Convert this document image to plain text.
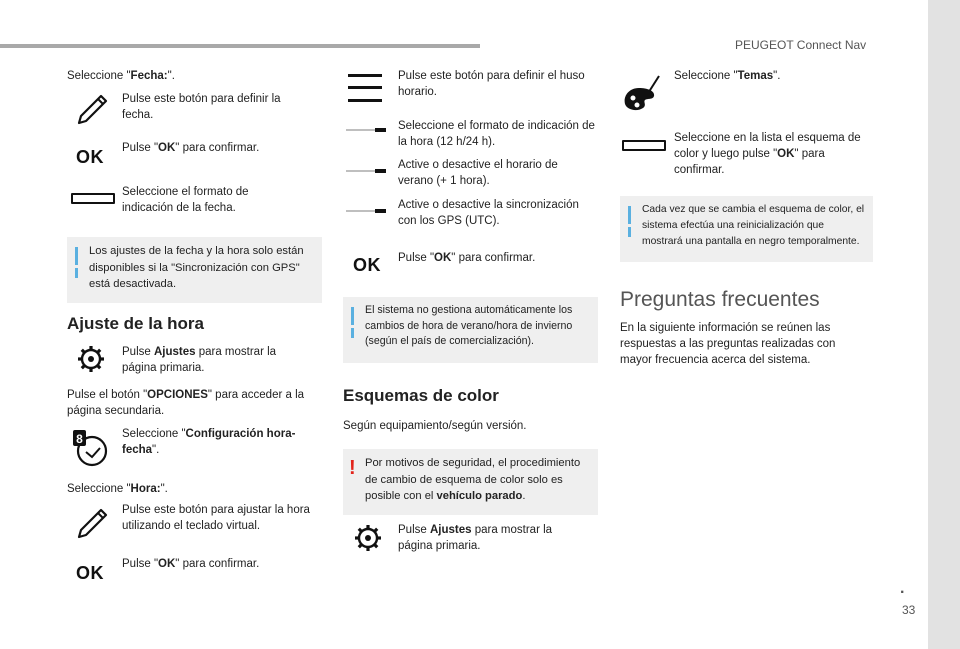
PEUGEOT Connect Nav
Seleccione "Fecha:".
Pulse este botón para definir la fecha.
OK Pulse "OK" para confirmar.
Seleccione el formato de indicación de la fecha.
Los ajustes de la fecha y la hora solo están disponibles si la "Sincronización con GPS" está desactivada.
Ajuste de la hora
Pulse Ajustes para mostrar la página primaria.
Pulse el botón "OPCIONES" para acceder a la página secundaria.
8	Seleccione "Configuración hora-fecha".
Seleccione "Hora:".
Pulse este botón para ajustar la hora utilizando el teclado virtual.
OK Pulse "OK" para confirmar.
Pulse este botón para definir el huso horario.
Seleccione el formato de indicación de la hora (12 h/24 h).
Active o desactive el horario de verano (+ 1 hora).
Active o desactive la sincronización con los GPS (UTC).
OK Pulse "OK" para confirmar.
El sistema no gestiona automáticamente los cambios de hora de verano/hora de invierno (según el país de comercialización).
Esquemas de color
Según equipamiento/según versión.
! Por motivos de seguridad, el procedimiento de cambio de esquema de color solo es posible con el vehículo parado.
Pulse Ajustes para mostrar la página primaria.
Seleccione "Temas".
Seleccione en la lista el esquema de color y luego pulse "OK" para confirmar.
Cada vez que se cambia el esquema de color, el sistema efectúa una reinicialización que mostrará una pantalla en negro temporalmente.
Preguntas frecuentes
En la siguiente información se reúnen las respuestas a las preguntas realizadas con mayor frecuencia acerca del sistema.
.
33
